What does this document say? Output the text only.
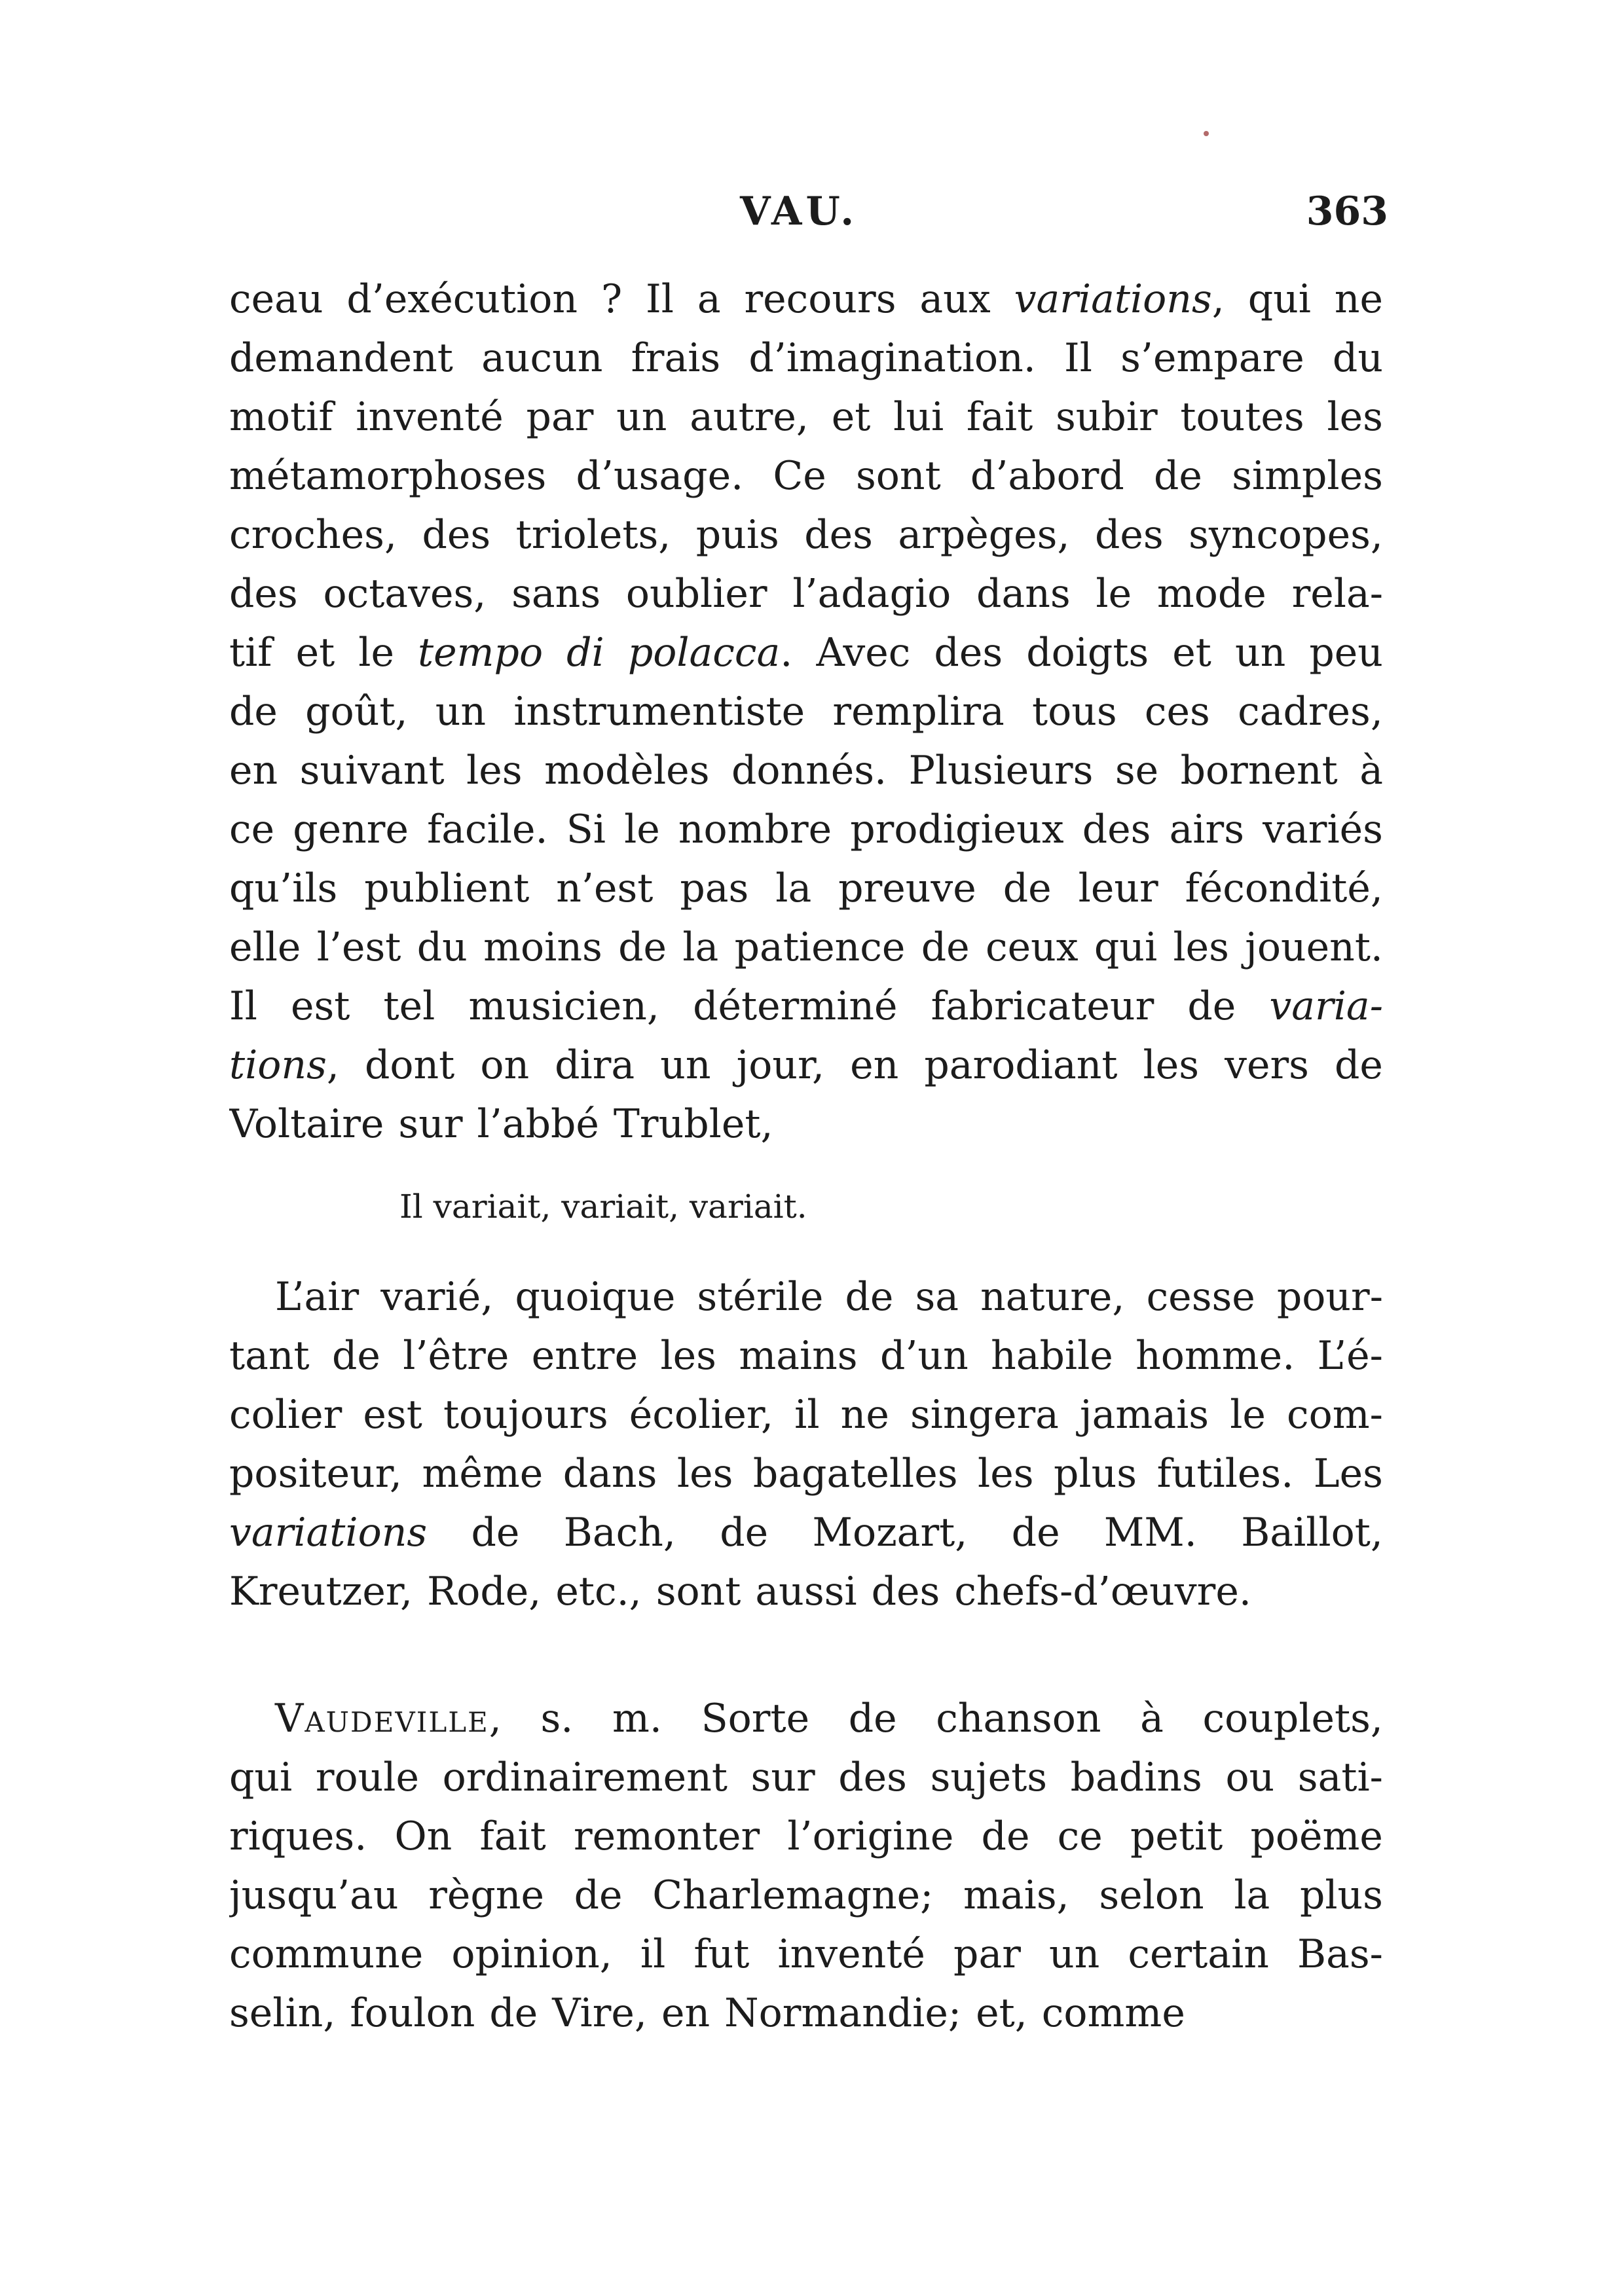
VAU.	363
ceau d’exécution ? Il a recours aux variations, qui ne
demandent aucun frais d’imagination. Il s’empare du
motif inventé par un autre, et lui fait subir toutes les
métamorphoses d’usage. Ce sont d’abord de simples
croches, des triolets, puis des arpèges, des syncopes,
des octaves, sans oublier l’adagio dans le mode rela-
tif et le tempo di polacca. Avec des doigts et un peu
de goût, un instrumentiste remplira tous ces cadres,
en suivant les modèles donnés. Plusieurs se bornent à
ce genre facile. Si le nombre prodigieux des airs variés
qu’ils publient n’est pas la preuve de leur fécondité,
elle l’est du moins de la patience de ceux qui les jouent.
Il est tel musicien, déterminé fabricateur de varia-
tions, dont on dira un jour, en parodiant les vers de
Voltaire sur l’abbé Trublet,
Il variait, variait, variait.
L’air varié, quoique stérile de sa nature, cesse pour-
tant de l’être entre les mains d’un habile homme. L’é-
colier est toujours écolier, il ne singera jamais le com-
positeur, même dans les bagatelles les plus futiles. Les
variations de Bach, de Mozart, de MM. Baillot,
Kreutzer, Rode, etc., sont aussi des chefs-d’œuvre.
Vaudeville, s. m. Sorte de chanson à couplets,
qui roule ordinairement sur des sujets badins ou sati-
riques. On fait remonter l’origine de ce petit poëme
jusqu’au règne de Charlemagne; mais, selon la plus
commune opinion, il fut inventé par un certain Bas-
selin, foulon de Vire, en Normandie; et, comme
